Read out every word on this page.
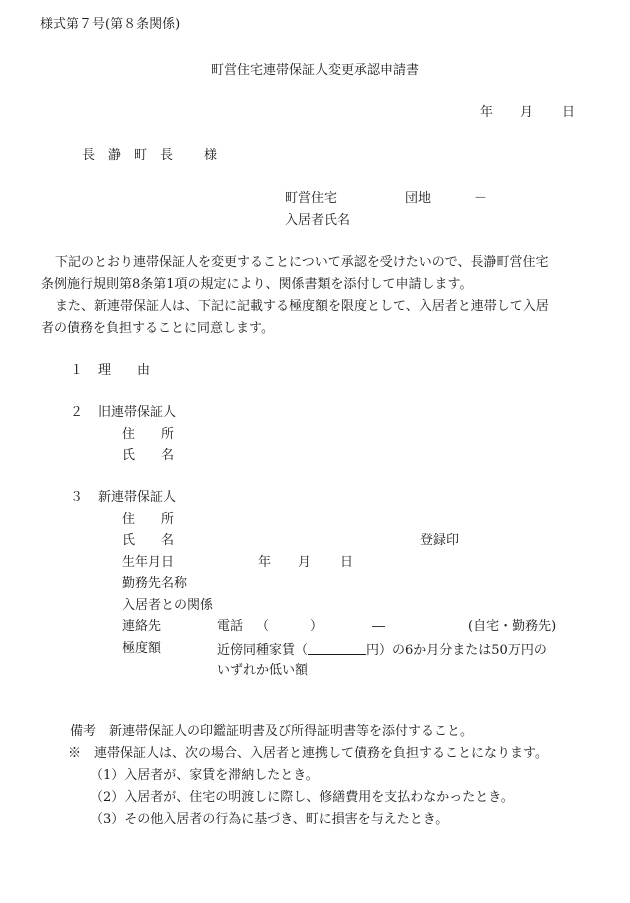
様式第７号(第８条関係)
町営住宅連帯保証人変更承認申請書
年 月 日
長　瀞　町　長 様
町営住宅	団地	－
入居者氏名
下記のとおり連帯保証人を変更することについて承認を受けたいので、長瀞町営住宅
条例施行規則第8条第1項の規定により、関係書類を添付して申請します。
また、新連帯保証人は、下記に記載する極度額を限度として、入居者と連帯して入居
者の債務を負担することに同意します。
１ 理　　由
２ 旧連帯保証人
住　　所
氏　　名
３ 新連帯保証人
住　　所
氏　　名	登録印
生年月日	年 月 日
勤務先名称
入居者との関係
連絡先	電話 （	）	―	(自宅・勤務先)
極度額	近傍同種家賃（	円）の6か月分または50万円の
いずれか低い額
備考　新連帯保証人の印鑑証明書及び所得証明書等を添付すること。
※　連帯保証人は、次の場合、入居者と連携して債務を負担することになります。
（1）入居者が、家賃を滞納したとき。
（2）入居者が、住宅の明渡しに際し、修繕費用を支払わなかったとき。
（3）その他入居者の行為に基づき、町に損害を与えたとき。
